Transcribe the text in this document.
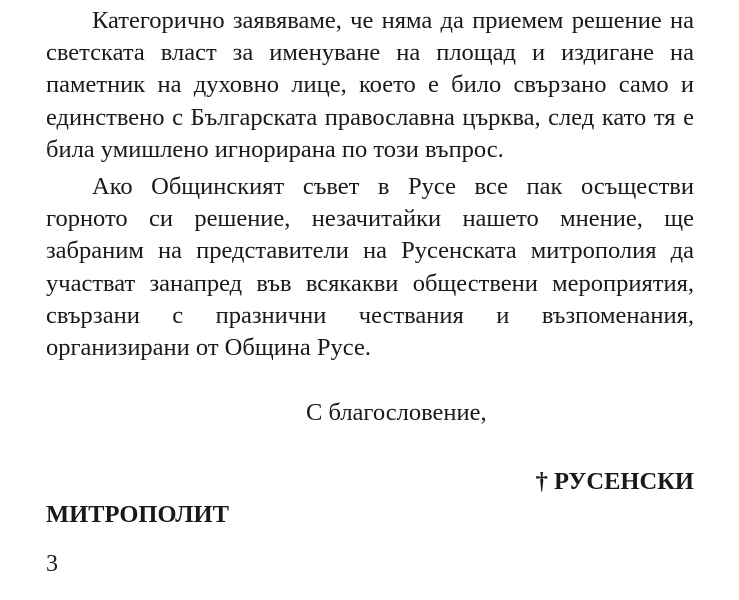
Категорично заявяваме, че няма да приемем решение на светската власт за именуване на площад и издигане на паметник на духовно лице, което е било свързано само и единствено с Българската православна църква, след като тя е била умишлено игнорирана по този въпрос.

Ако Общинският съвет в Русе все пак осъществи горното си решение, незачитайки нашето мнение, ще забраним на представители на Русенската митрополия да участват занапред във всякакви обществени мероприятия, свързани с празнични чествания и възпоменания, организирани от Община Русе.

С благословение,

† РУСЕНСКИ

МИТРОПОЛИТ

3
